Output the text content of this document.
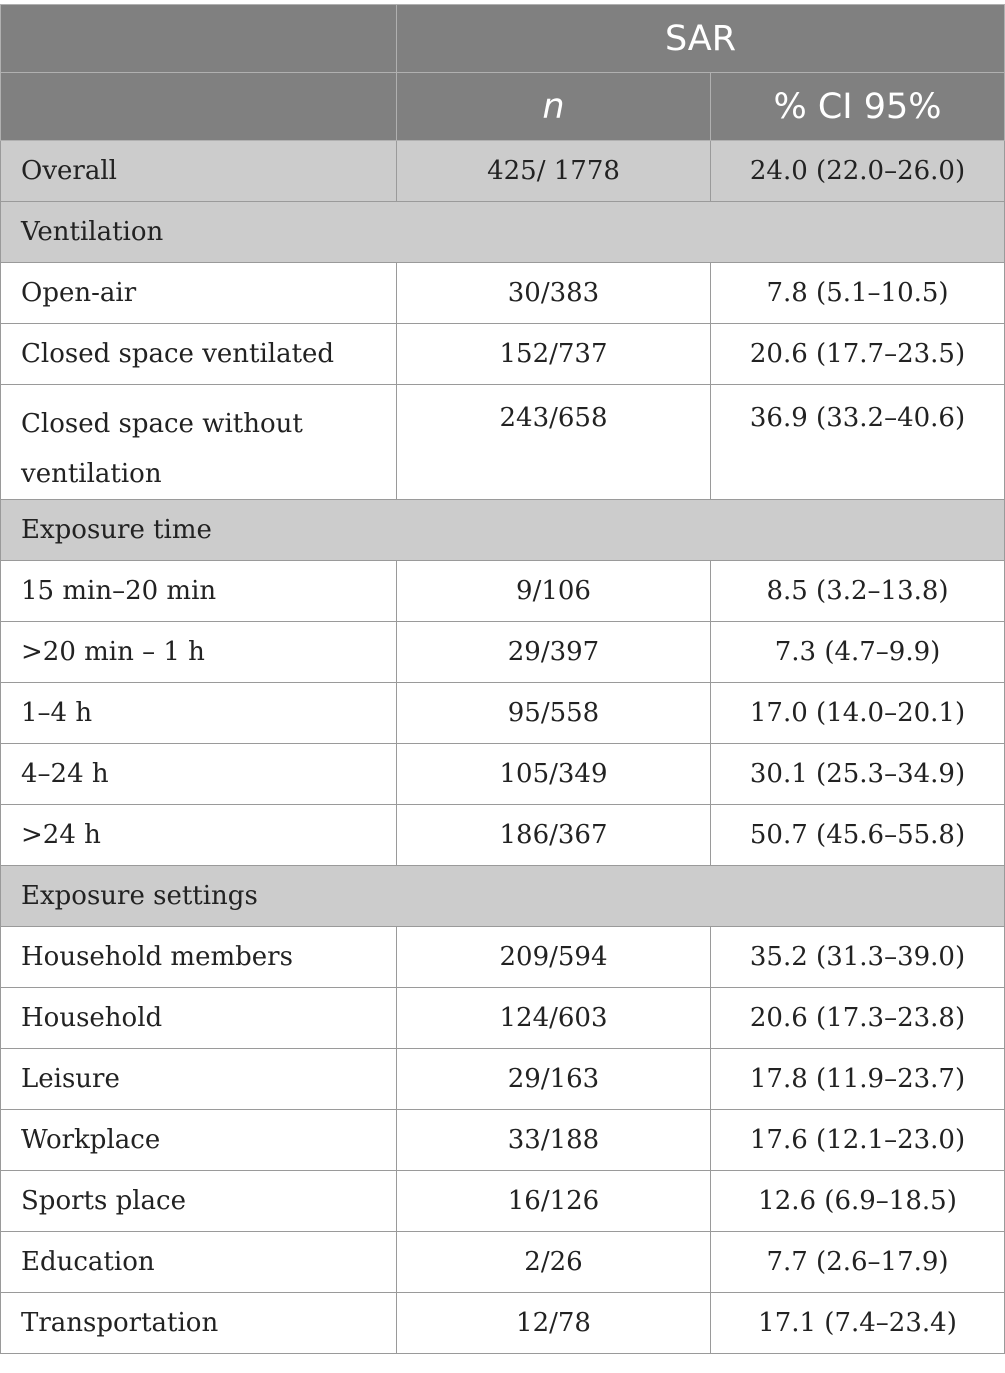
	SAR	
	n	% CI 95%
Overall	425/ 1778	24.0 (22.0–26.0)
Ventilation		
Open-air	30/383	7.8 (5.1–10.5)
Closed space ventilated	152/737	20.6 (17.7–23.5)
Closed space without ventilation	243/658	36.9 (33.2–40.6)
Exposure time		
15 min–20 min	9/106	8.5 (3.2–13.8)
>20 min – 1 h	29/397	7.3 (4.7–9.9)
1–4 h	95/558	17.0 (14.0–20.1)
4–24 h	105/349	30.1 (25.3–34.9)
>24 h	186/367	50.7 (45.6–55.8)
Exposure settings		
Household members	209/594	35.2 (31.3–39.0)
Household	124/603	20.6 (17.3–23.8)
Leisure	29/163	17.8 (11.9–23.7)
Workplace	33/188	17.6 (12.1–23.0)
Sports place	16/126	12.6 (6.9–18.5)
Education	2/26	7.7 (2.6–17.9)
Transportation	12/78	17.1 (7.4–23.4)
